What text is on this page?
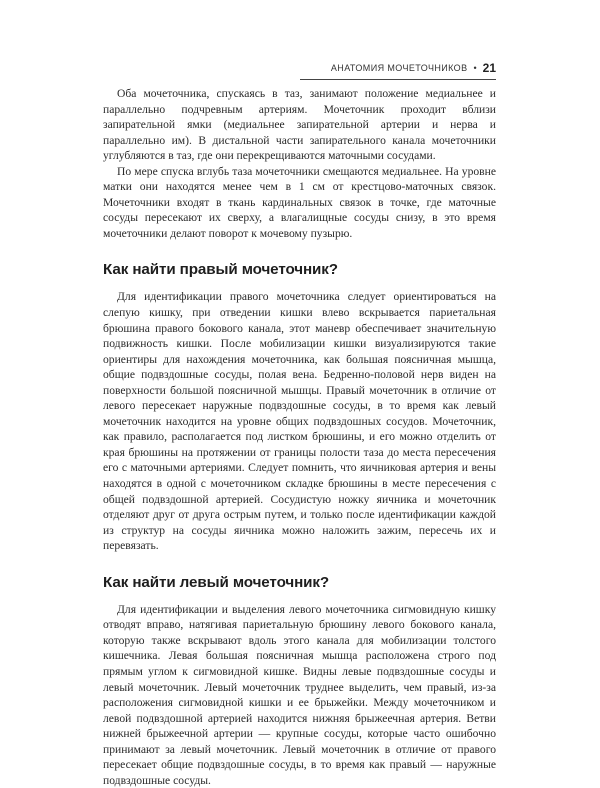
АНАТОМИЯ МОЧЕТОЧНИКОВ • 21

Оба мочеточника, спускаясь в таз, занимают положение медиальнее и параллельно подчревным артериям. Мочеточник проходит вблизи запирательной ямки (медиальнее запирательной артерии и нерва и параллельно им). В дистальной части запирательного канала мочеточники углубляются в таз, где они перекрещиваются маточными сосудами.

По мере спуска вглубь таза мочеточники смещаются медиальнее. На уровне матки они находятся менее чем в 1 см от крестцово-маточных связок. Мочеточники входят в ткань кардинальных связок в точке, где маточные сосуды пересекают их сверху, а влагалищные сосуды снизу, в это время мочеточники делают поворот к мочевому пузырю.

Как найти правый мочеточник?

Для идентификации правого мочеточника следует ориентироваться на слепую кишку, при отведении кишки влево вскрывается париетальная брюшина правого бокового канала, этот маневр обеспечивает значительную подвижность кишки. После мобилизации кишки визуализируются такие ориентиры для нахождения мочеточника, как большая поясничная мышца, общие подвздошные сосуды, полая вена. Бедренно-половой нерв виден на поверхности большой поясничной мышцы. Правый мочеточник в отличие от левого пересекает наружные подвздошные сосуды, в то время как левый мочеточник находится на уровне общих подвздошных сосудов. Мочеточник, как правило, располагается под листком брюшины, и его можно отделить от края брюшины на протяжении от границы полости таза до места пересечения его с маточными артериями. Следует помнить, что яичниковая артерия и вены находятся в одной с мочеточником складке брюшины в месте пересечения с общей подвздошной артерией. Сосудистую ножку яичника и мочеточник отделяют друг от друга острым путем, и только после идентификации каждой из структур на сосуды яичника можно наложить зажим, пересечь их и перевязать.

Как найти левый мочеточник?

Для идентификации и выделения левого мочеточника сигмовидную кишку отводят вправо, натягивая париетальную брюшину левого бокового канала, которую также вскрывают вдоль этого канала для мобилизации толстого кишечника. Левая большая поясничная мышца расположена строго под прямым углом к сигмовидной кишке. Видны левые подвздошные сосуды и левый мочеточник. Левый мочеточник труднее выделить, чем правый, из-за расположения сигмовидной кишки и ее брыжейки. Между мочеточником и левой подвздошной артерией находится нижняя брыжеечная артерия. Ветви нижней брыжеечной артерии — крупные сосуды, которые часто ошибочно принимают за левый мочеточник. Левый мочеточник в отличие от правого пересекает общие подвздошные сосуды, в то время как правый — наружные подвздошные сосуды.
